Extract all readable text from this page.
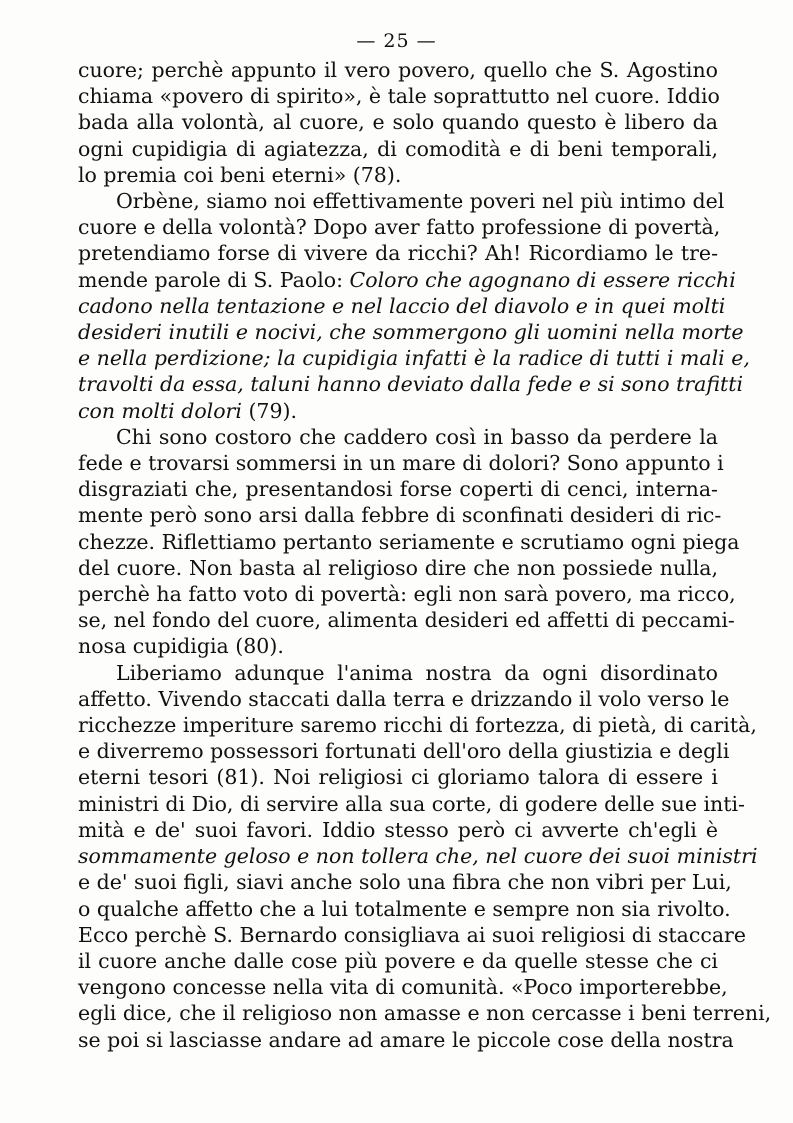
— 25 —
cuore; perchè appunto il vero povero, quello che S. Agostino
chiama «povero di spirito», è tale soprattutto nel cuore. Iddio
bada alla volontà, al cuore, e solo quando questo è libero da
ogni cupidigia di agiatezza, di comodità e di beni temporali,
lo premia coi beni eterni» (78).
Orbène, siamo noi effettivamente poveri nel più intimo del
cuore e della volontà? Dopo aver fatto professione di povertà,
pretendiamo forse di vivere da ricchi? Ah! Ricordiamo le tre-
mende parole di S. Paolo: Coloro che agognano di essere ricchi
cadono nella tentazione e nel laccio del diavolo e in quei molti
desideri inutili e nocivi, che sommergono gli uomini nella morte
e nella perdizione; la cupidigia infatti è la radice di tutti i mali e,
travolti da essa, taluni hanno deviato dalla fede e si sono trafitti
con molti dolori (79).
Chi sono costoro che caddero così in basso da perdere la
fede e trovarsi sommersi in un mare di dolori? Sono appunto i
disgraziati che, presentandosi forse coperti di cenci, interna-
mente però sono arsi dalla febbre di sconfinati desideri di ric-
chezze. Riflettiamo pertanto seriamente e scrutiamo ogni piega
del cuore. Non basta al religioso dire che non possiede nulla,
perchè ha fatto voto di povertà: egli non sarà povero, ma ricco,
se, nel fondo del cuore, alimenta desideri ed affetti di peccami-
nosa cupidigia (80).
Liberiamo adunque l'anima nostra da ogni disordinato
affetto. Vivendo staccati dalla terra e drizzando il volo verso le
ricchezze imperiture saremo ricchi di fortezza, di pietà, di carità,
e diverremo possessori fortunati dell'oro della giustizia e degli
eterni tesori (81). Noi religiosi ci gloriamo talora di essere i
ministri di Dio, di servire alla sua corte, di godere delle sue inti-
mità e de' suoi favori. Iddio stesso però ci avverte ch'egli è
sommamente geloso e non tollera che, nel cuore dei suoi ministri
e de' suoi figli, siavi anche solo una fibra che non vibri per Lui,
o qualche affetto che a lui totalmente e sempre non sia rivolto.
Ecco perchè S. Bernardo consigliava ai suoi religiosi di staccare
il cuore anche dalle cose più povere e da quelle stesse che ci
vengono concesse nella vita di comunità. «Poco importerebbe,
egli dice, che il religioso non amasse e non cercasse i beni terreni,
se poi si lasciasse andare ad amare le piccole cose della nostra
